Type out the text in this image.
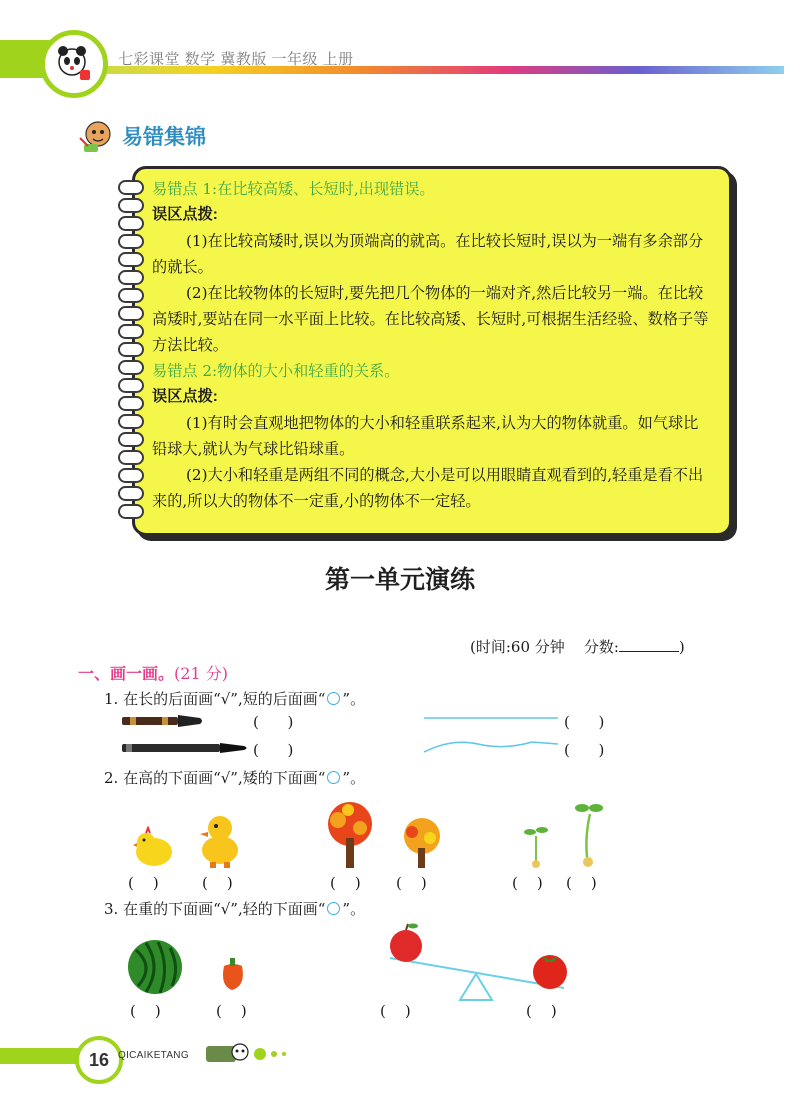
七彩课堂 数学 冀教版 一年级 上册
易错集锦

易错点 1:在比较高矮、长短时,出现错误。

误区点拨:

(1)在比较高矮时,误以为顶端高的就高。在比较长短时,误以为一端有多余部分的就长。

(2)在比较物体的长短时,要先把几个物体的一端对齐,然后比较另一端。在比较高矮时,要站在同一水平面上比较。在比较高矮、长短时,可根据生活经验、数格子等方法比较。

易错点 2:物体的大小和轻重的关系。

误区点拨:

(1)有时会直观地把物体的大小和轻重联系起来,认为大的物体就重。如气球比铅球大,就认为气球比铅球重。

(2)大小和轻重是两组不同的概念,大小是可以用眼睛直观看到的,轻重是看不出来的,所以大的物体不一定重,小的物体不一定轻。

第一单元演练
(时间:60 分钟 分数:	)
一、画一画。(21 分)
1. 在长的后面画“√”,短的后面画“ ”。
(      )
(      )
(      )
(      )
2. 在高的下面画“√”,矮的下面画“ ”。
(    )	(    )	(    ) (    )	(    ) (    )
3. 在重的下面画“√”,轻的下面画“ ”。
(    )	(    )	(    )	(    )
16 QICAIKETANG
